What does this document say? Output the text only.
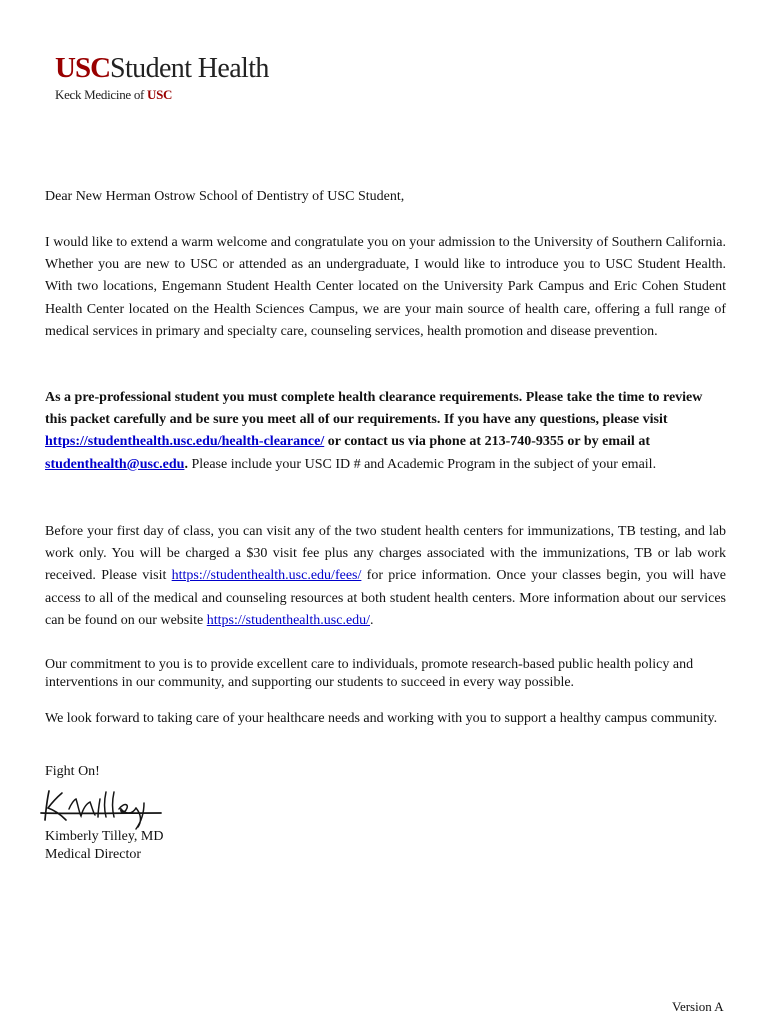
USCStudent Health
Keck Medicine of USC

Dear New Herman Ostrow School of Dentistry of USC Student,

I would like to extend a warm welcome and congratulate you on your admission to the University of Southern California. Whether you are new to USC or attended as an undergraduate, I would like to introduce you to USC Student Health. With two locations, Engemann Student Health Center located on the University Park Campus and Eric Cohen Student Health Center located on the Health Sciences Campus, we are your main source of health care, offering a full range of medical services in primary and specialty care, counseling services, health promotion and disease prevention.

As a pre-professional student you must complete health clearance requirements. Please take the time to review this packet carefully and be sure you meet all of our requirements. If you have any questions, please visit https://studenthealth.usc.edu/health-clearance/ or contact us via phone at 213-740-9355 or by email at studenthealth@usc.edu. Please include your USC ID # and Academic Program in the subject of your email.

Before your first day of class, you can visit any of the two student health centers for immunizations, TB testing, and lab work only. You will be charged a $30 visit fee plus any charges associated with the immunizations, TB or lab work received. Please visit https://studenthealth.usc.edu/fees/ for price information. Once your classes begin, you will have access to all of the medical and counseling resources at both student health centers. More information about our services can be found on our website https://studenthealth.usc.edu/.

Our commitment to you is to provide excellent care to individuals, promote research-based public health policy and interventions in our community, and supporting our students to succeed in every way possible.

We look forward to taking care of your healthcare needs and working with you to support a healthy campus community.

Fight On!

Kimberly Tilley, MD
Medical Director
Version A
